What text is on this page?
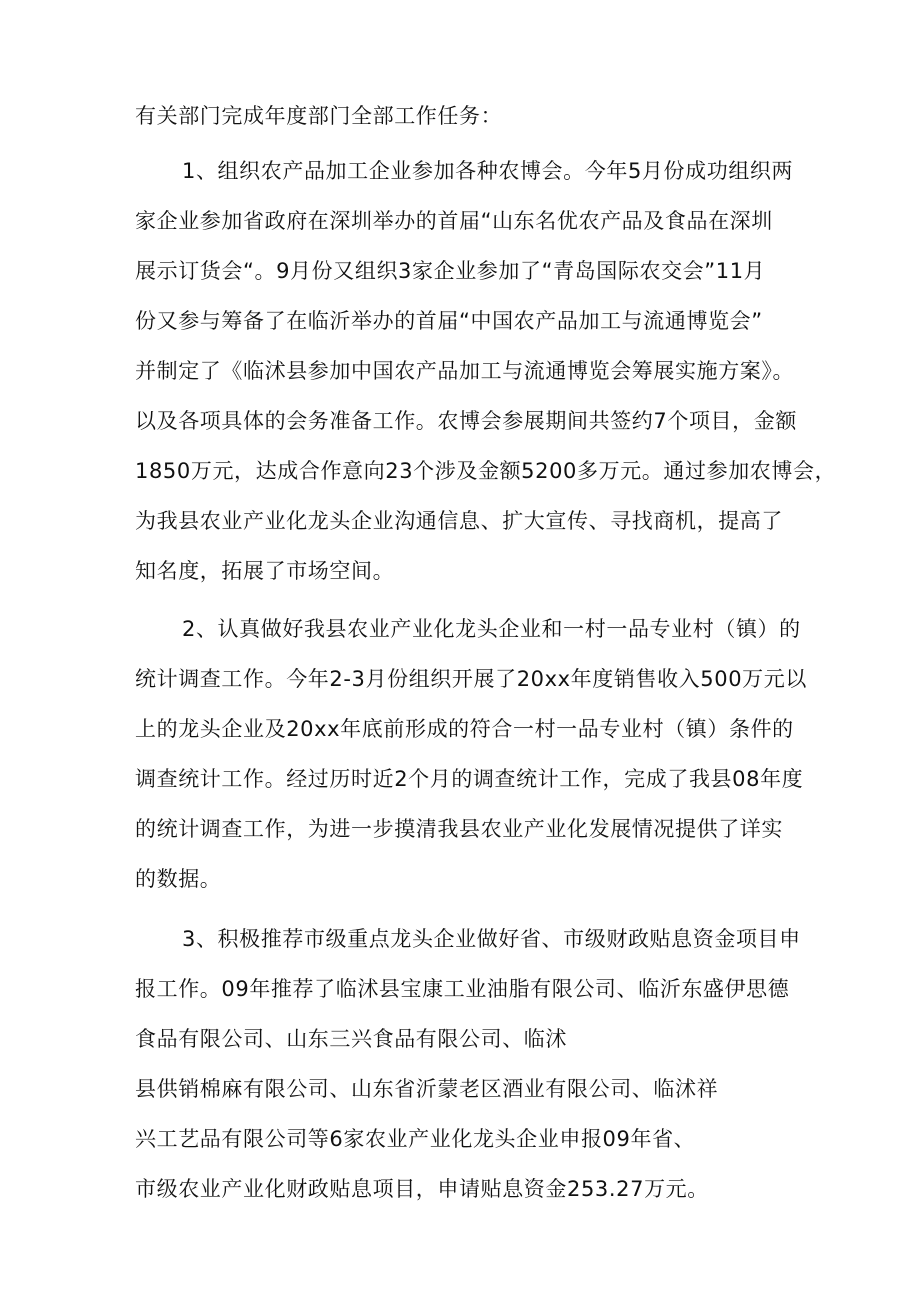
有关部门完成年度部门全部工作任务：
1、组织农产品加工企业参加各种农博会。今年5月份成功组织两
家企业参加省政府在深圳举办的首届“山东名优农产品及食品在深圳
展示订货会“。9月份又组织3家企业参加了“青岛国际农交会”11月
份又参与筹备了在临沂举办的首届“中国农产品加工与流通博览会”
并制定了《临沭县参加中国农产品加工与流通博览会筹展实施方案》。
以及各项具体的会务准备工作。农博会参展期间共签约7个项目，金额
1850万元，达成合作意向23个涉及金额5200多万元。通过参加农博会，
为我县农业产业化龙头企业沟通信息、扩大宣传、寻找商机，提高了
知名度，拓展了市场空间。
2、认真做好我县农业产业化龙头企业和一村一品专业村（镇）的
统计调查工作。今年2-3月份组织开展了20xx年度销售收入500万元以
上的龙头企业及20xx年底前形成的符合一村一品专业村（镇）条件的
调查统计工作。经过历时近2个月的调查统计工作，完成了我县08年度
的统计调查工作，为进一步摸清我县农业产业化发展情况提供了详实
的数据。
3、积极推荐市级重点龙头企业做好省、市级财政贴息资金项目申
报工作。09年推荐了临沭县宝康工业油脂有限公司、临沂东盛伊思德
食品有限公司、山东三兴食品有限公司、临沭
县供销棉麻有限公司、山东省沂蒙老区酒业有限公司、临沭祥
兴工艺品有限公司等6家农业产业化龙头企业申报09年省、
市级农业产业化财政贴息项目，申请贴息资金253.27万元。
